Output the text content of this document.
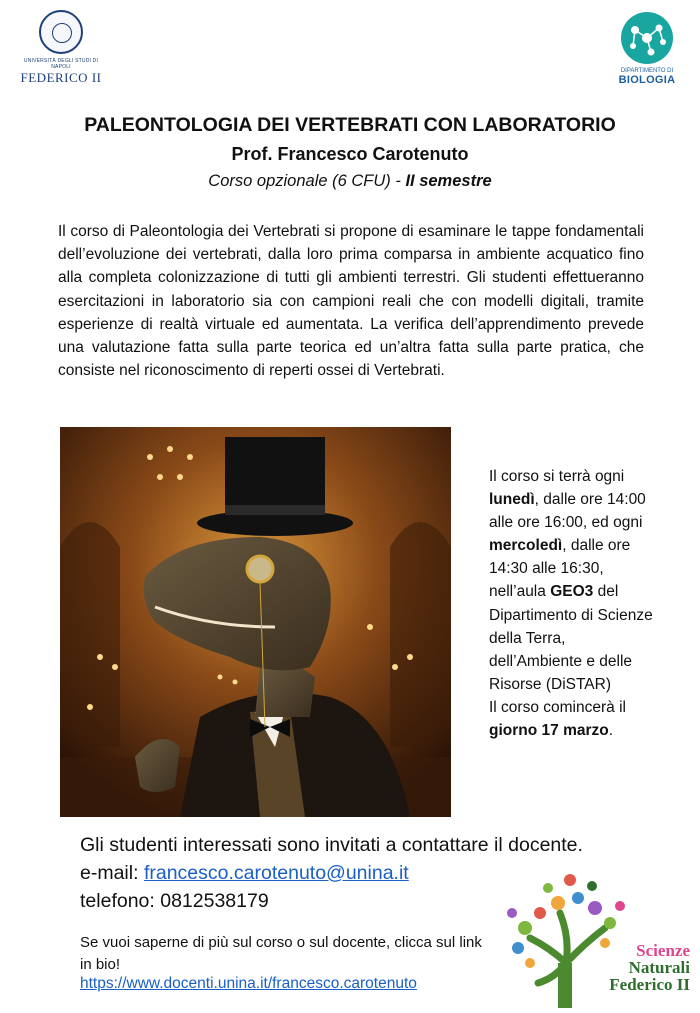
UNIVERSITÀ DEGLI STUDI DI NAPOLI
FEDERICO II	DIPARTIMENTO DI
BIOLOGIA
PALEONTOLOGIA DEI VERTEBRATI CON LABORATORIO
Prof. Francesco Carotenuto
Corso opzionale (6 CFU) - II semestre
Il corso di Paleontologia dei Vertebrati si propone di esaminare le tappe fondamentali dell’evoluzione dei vertebrati, dalla loro prima comparsa in ambiente acquatico fino alla completa colonizzazione di tutti gli ambienti terrestri. Gli studenti effettueranno esercitazioni in laboratorio sia con campioni reali che con modelli digitali, tramite esperienze di realtà virtuale ed aumentata. La verifica dell’apprendimento prevede una valutazione fatta sulla parte teorica ed un’altra fatta sulla parte pratica, che consiste nel riconoscimento di reperti ossei di Vertebrati.
Il corso si terrà ogni lunedì, dalle ore 14:00 alle ore 16:00, ed ogni mercoledì, dalle ore 14:30 alle 16:30, nell’aula GEO3 del Dipartimento di Scienze della Terra, dell’Ambiente e delle Risorse (DiSTAR)
Il corso comincerà il giorno 17 marzo.
Gli studenti interessati sono invitati a contattare il docente.
e-mail: francesco.carotenuto@unina.it
telefono: 0812538179
Se vuoi saperne di più sul corso o sul docente, clicca sul link in bio!
https://www.docenti.unina.it/francesco.carotenuto
Scienze
Naturali
Federico II
